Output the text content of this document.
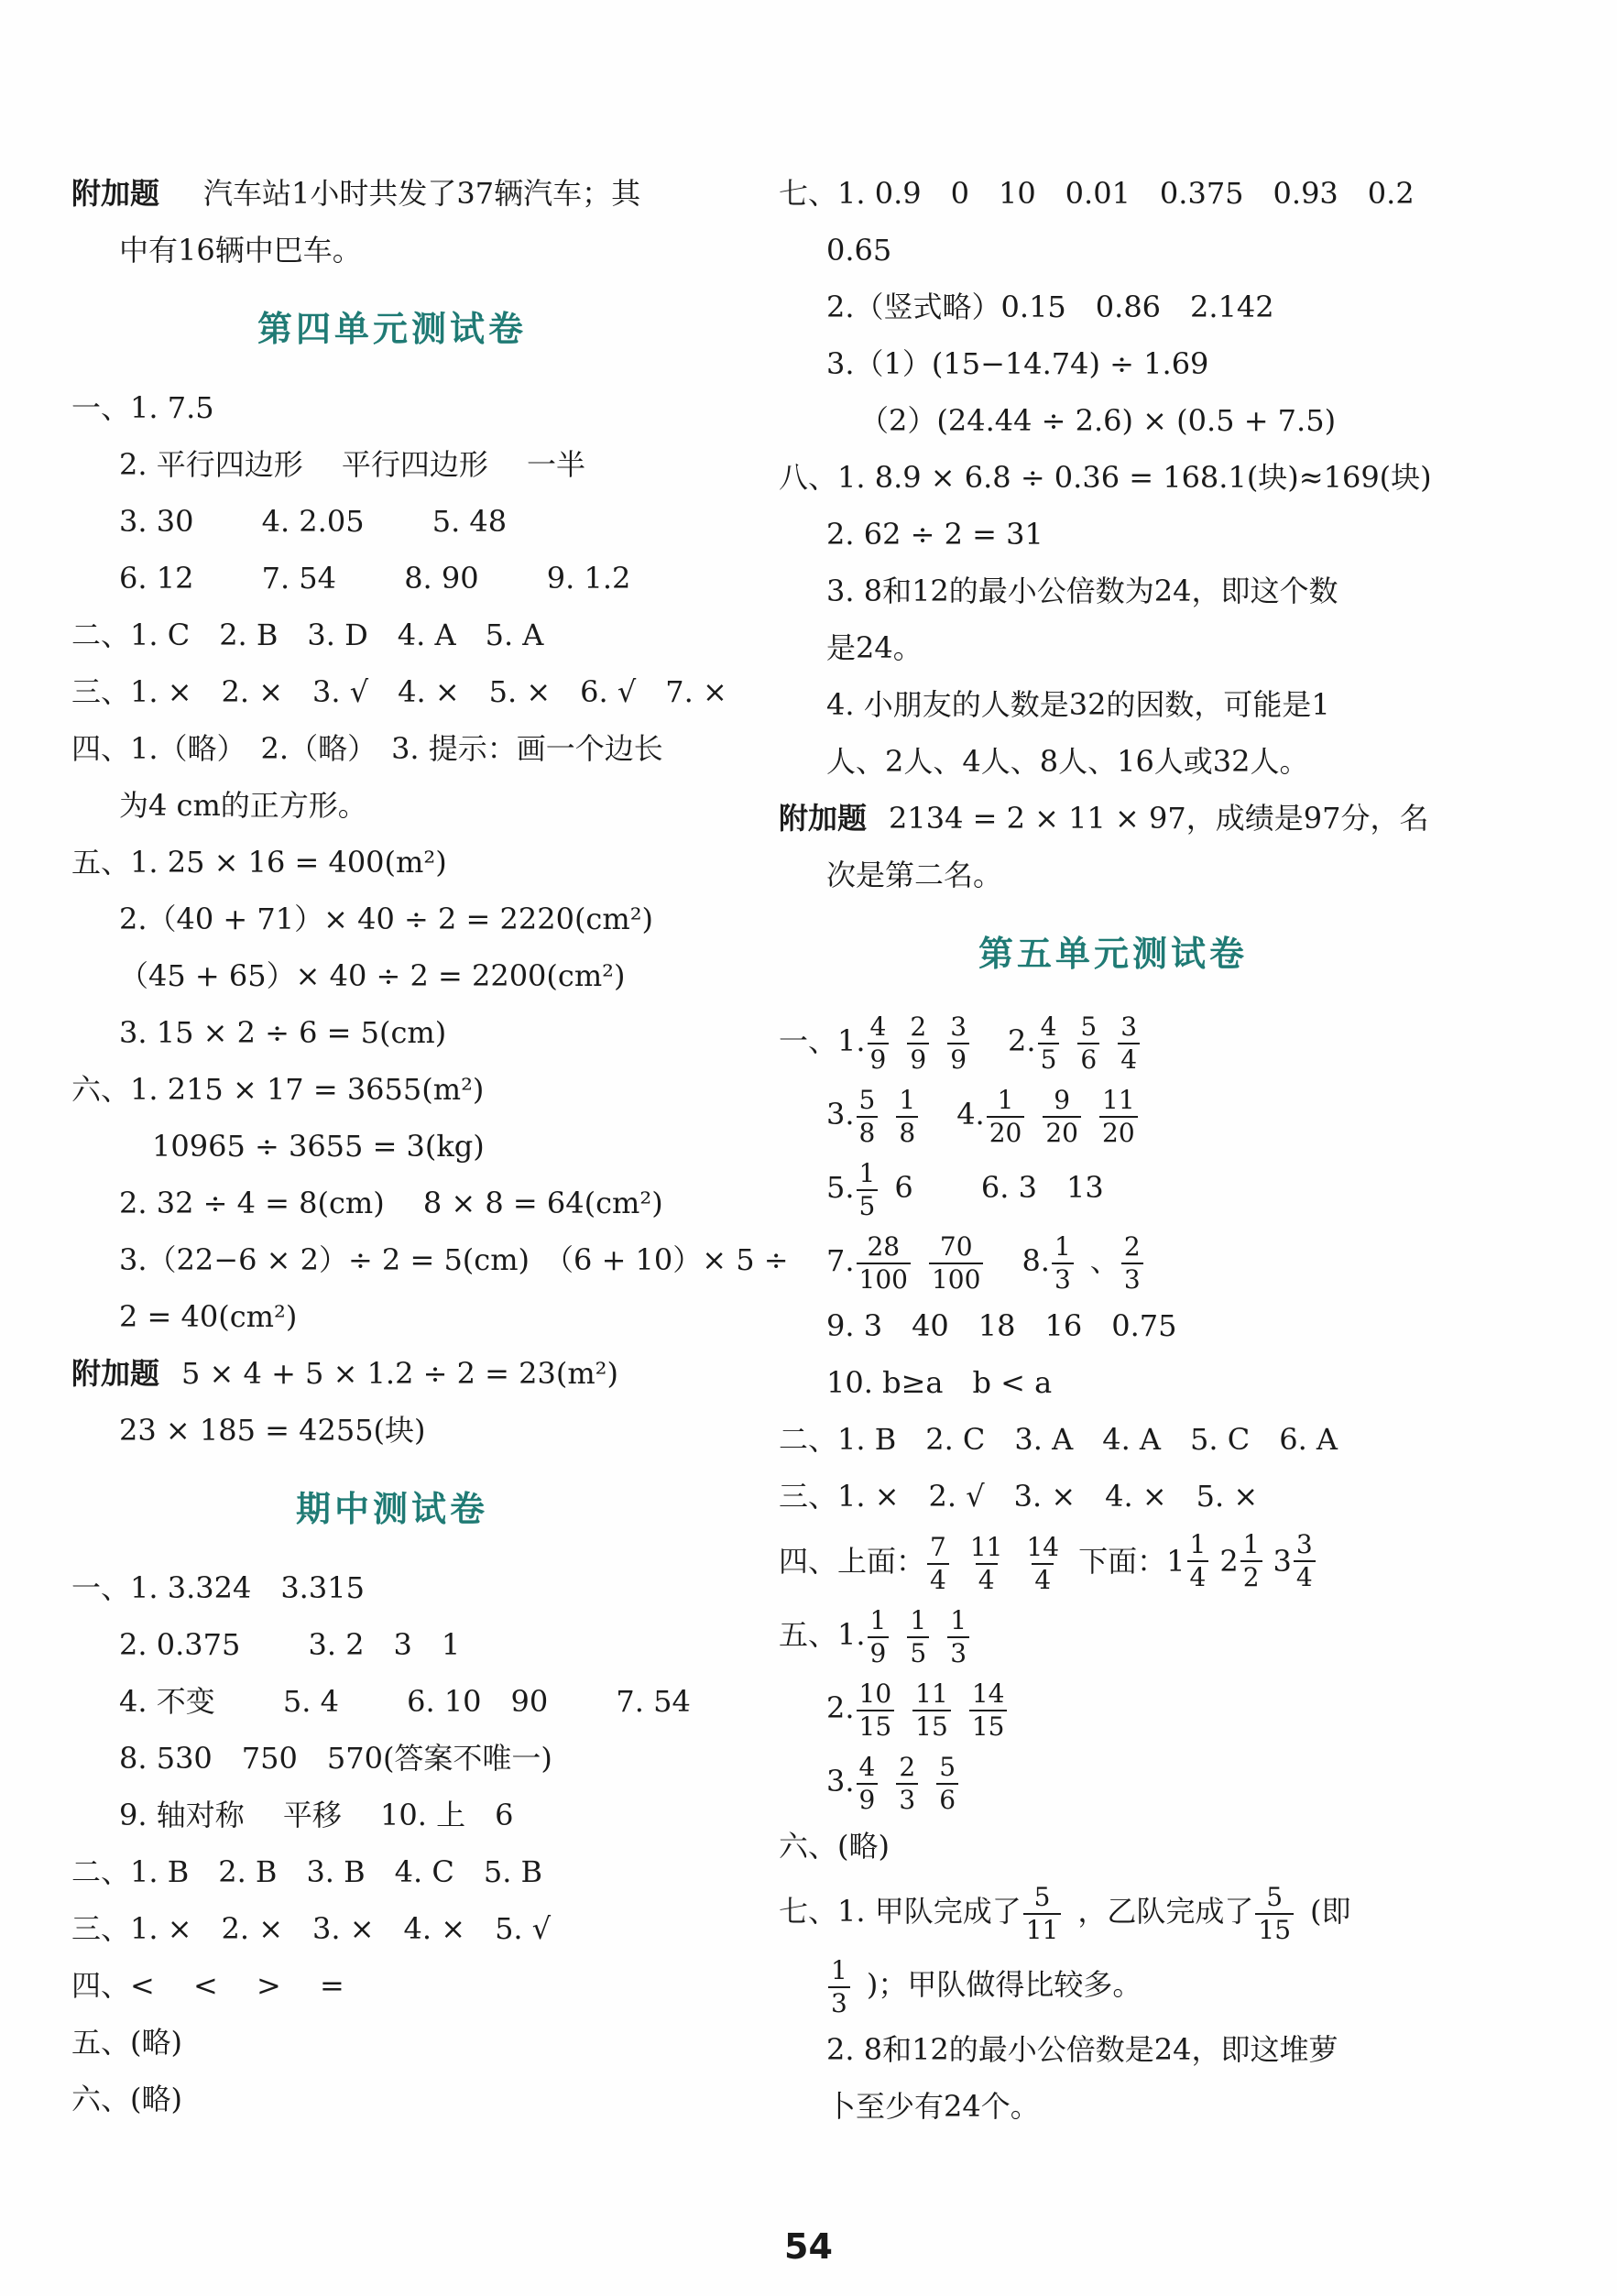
附加题 汽车站1小时共发了37辆汽车；其
中有16辆中巴车。
第四单元测试卷
一、1. 7.5
2. 平行四边形　 平行四边形　 一半
3. 30　　 4. 2.05　　 5. 48
6. 12　　 7. 54　　 8. 90　　 9. 1.2
二、1. C　2. B　3. D　4. A　5. A
三、1. ×　2. ×　3. √　4. ×　5. ×　6. √　7. ×
四、1.（略）　2.（略）　3. 提示：画一个边长
为4 cm的正方形。
五、1. 25 × 16 = 400(m²)
2.（40 + 71）× 40 ÷ 2 = 2220(cm²)
（45 + 65）× 40 ÷ 2 = 2200(cm²)
3. 15 × 2 ÷ 6 = 5(cm)
六、1. 215 × 17 = 3655(m²)
10965 ÷ 3655 = 3(kg)
2. 32 ÷ 4 = 8(cm)　 8 × 8 = 64(cm²)
3.（22−6 × 2）÷ 2 = 5(cm)　（6 + 10）× 5 ÷
2 = 40(cm²)
附加题 5 × 4 + 5 × 1.2 ÷ 2 = 23(m²)
23 × 185 = 4255(块)
期中测试卷
一、1. 3.324　3.315
2. 0.375　　 3. 2　3　1
4. 不变　　 5. 4　　 6. 10　90　　 7. 54
8. 530　750　570(答案不唯一)
9. 轴对称　 平移　 10. 上　6
二、1. B　2. B　3. B　4. C　5. B
三、1. ×　2. ×　3. ×　4. ×　5. √
四、<　 <　 >　 =
五、(略)
六、(略)
七、1. 0.9　0　10　0.01　0.375　0.93　0.2
0.65
2.（竖式略）0.15　0.86　2.142
3.（1）(15−14.74) ÷ 1.69
（2）(24.44 ÷ 2.6) × (0.5 + 7.5)
八、1. 8.9 × 6.8 ÷ 0.36 = 168.1(块)≈169(块)
2. 62 ÷ 2 = 31
3. 8和12的最小公倍数为24，即这个数
是24。
4. 小朋友的人数是32的因数，可能是1
人、2人、4人、8人、16人或32人。
附加题 2134 = 2 × 11 × 97，成绩是97分，名
次是第二名。
第五单元测试卷
一、1. $\frac{4}{9} \frac{2}{9} \frac{3}{9} 2$. $\frac{4}{5} \frac{5}{6} \frac{3}{4}$
3. $\frac{5}{8} \frac{1}{8} 4$. $\frac{1}{20} \frac{9}{20} \frac{11}{20}$
5. $\frac{1}{5} 6$　　 6. 3　13
7. $\frac{28}{100} \frac{70}{100} 8$. $\frac{1}{3}$ 、 $\frac{2}{3}$
9. 3　40　18　16　0.75
10. b≥a　b < a
二、1. B　2. C　3. A　4. A　5. C　6. A
三、1. ×　2. √　3. ×　4. ×　5. ×
四、上面： $\frac{7}{4} \frac{11}{4} \frac{14}{4}$ 下面： $1 \frac{1}{4} 2 \frac{1}{2} 3 \frac{3}{4}$
五、1. $\frac{1}{9} \frac{1}{5} \frac{1}{3}$
2. $\frac{10}{15} \frac{11}{15} \frac{14}{15}$
3. $\frac{4}{9} \frac{2}{3} \frac{5}{6}$
六、(略)
七、1. 甲队完成了 $\frac{5}{11}$ ，乙队完成了 $\frac{5}{15}$ (即
$\frac{1}{3}$ )；甲队做得比较多。
2. 8和12的最小公倍数是24，即这堆萝
卜至少有24个。
54
